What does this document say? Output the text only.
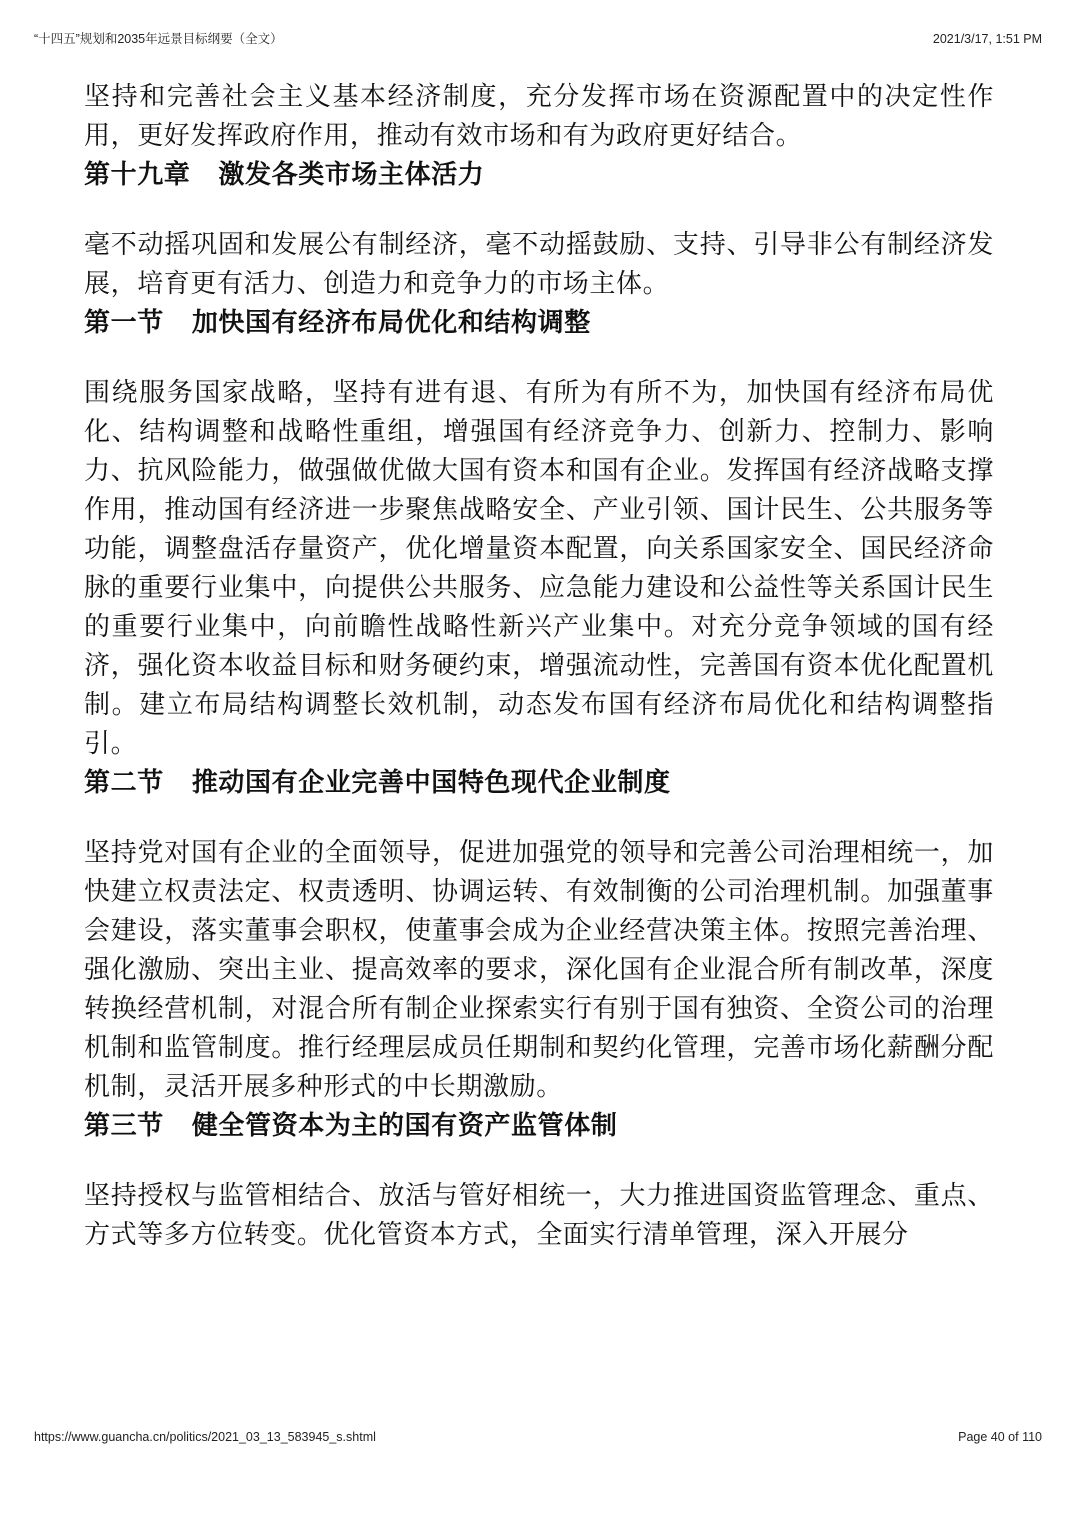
“十四五”规划和2035年远景目标纲要（全文）	2021/3/17, 1:51 PM

坚持和完善社会主义基本经济制度，充分发挥市场在资源配置中的决定性作用，更好发挥政府作用，推动有效市场和有为政府更好结合。

第十九章 激发各类市场主体活力

毫不动摇巩固和发展公有制经济，毫不动摇鼓励、支持、引导非公有制经济发展，培育更有活力、创造力和竞争力的市场主体。

第一节 加快国有经济布局优化和结构调整

围绕服务国家战略，坚持有进有退、有所为有所不为，加快国有经济布局优化、结构调整和战略性重组，增强国有经济竞争力、创新力、控制力、影响力、抗风险能力，做强做优做大国有资本和国有企业。发挥国有经济战略支撑作用，推动国有经济进一步聚焦战略安全、产业引领、国计民生、公共服务等功能，调整盘活存量资产，优化增量资本配置，向关系国家安全、国民经济命脉的重要行业集中，向提供公共服务、应急能力建设和公益性等关系国计民生的重要行业集中，向前瞻性战略性新兴产业集中。对充分竞争领域的国有经济，强化资本收益目标和财务硬约束，增强流动性，完善国有资本优化配置机制。建立布局结构调整长效机制，动态发布国有经济布局优化和结构调整指引。

第二节 推动国有企业完善中国特色现代企业制度

坚持党对国有企业的全面领导，促进加强党的领导和完善公司治理相统一，加快建立权责法定、权责透明、协调运转、有效制衡的公司治理机制。加强董事会建设，落实董事会职权，使董事会成为企业经营决策主体。按照完善治理、强化激励、突出主业、提高效率的要求，深化国有企业混合所有制改革，深度转换经营机制，对混合所有制企业探索实行有别于国有独资、全资公司的治理机制和监管制度。推行经理层成员任期制和契约化管理，完善市场化薪酬分配机制，灵活开展多种形式的中长期激励。

第三节 健全管资本为主的国有资产监管体制

坚持授权与监管相结合、放活与管好相统一，大力推进国资监管理念、重点、方式等多方位转变。优化管资本方式，全面实行清单管理，深入开展分

https://www.guancha.cn/politics/2021_03_13_583945_s.shtml	Page 40 of 110
